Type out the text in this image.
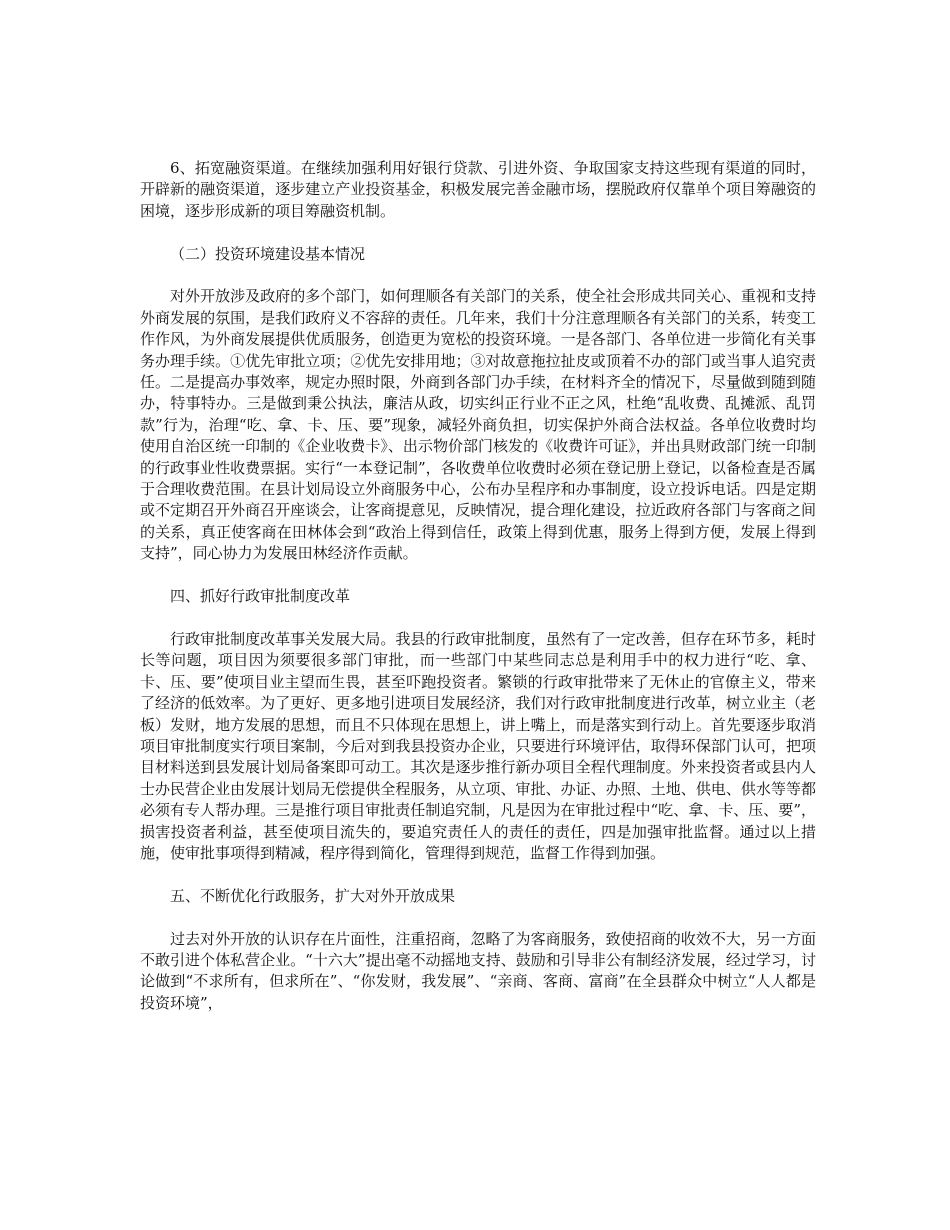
6、拓宽融资渠道。在继续加强利用好银行贷款、引进外资、争取国家支持这些现有渠道的同时，开辟新的融资渠道，逐步建立产业投资基金，积极发展完善金融市场，摆脱政府仅靠单个项目筹融资的困境，逐步形成新的项目筹融资机制。

（二）投资环境建设基本情况

对外开放涉及政府的多个部门，如何理顺各有关部门的关系，使全社会形成共同关心、重视和支持外商发展的氛围，是我们政府义不容辞的责任。几年来，我们十分注意理顺各有关部门的关系，转变工作作风，为外商发展提供优质服务，创造更为宽松的投资环境。一是各部门、各单位进一步简化有关事务办理手续。①优先审批立项；②优先安排用地；③对故意拖拉扯皮或顶着不办的部门或当事人追究责任。二是提高办事效率，规定办照时限，外商到各部门办手续，在材料齐全的情况下，尽量做到随到随办，特事特办。三是做到秉公执法，廉洁从政，切实纠正行业不正之风，杜绝“乱收费、乱摊派、乱罚款”行为，治理“吃、拿、卡、压、要”现象，减轻外商负担，切实保护外商合法权益。各单位收费时均使用自治区统一印制的《企业收费卡》、出示物价部门核发的《收费许可证》，并出具财政部门统一印制的行政事业性收费票据。实行“一本登记制”，各收费单位收费时必须在登记册上登记，以备检查是否属于合理收费范围。在县计划局设立外商服务中心，公布办呈程序和办事制度，设立投诉电话。四是定期或不定期召开外商召开座谈会，让客商提意见，反映情况，提合理化建设，拉近政府各部门与客商之间的关系，真正使客商在田林体会到“政治上得到信任，政策上得到优惠，服务上得到方便，发展上得到支持”，同心协力为发展田林经济作贡献。

四、抓好行政审批制度改革

行政审批制度改革事关发展大局。我县的行政审批制度，虽然有了一定改善，但存在环节多，耗时长等问题，项目因为须要很多部门审批，而一些部门中某些同志总是利用手中的权力进行“吃、拿、卡、压、要”使项目业主望而生畏，甚至吓跑投资者。繁锁的行政审批带来了无休止的官僚主义，带来了经济的低效率。为了更好、更多地引进项目发展经济，我们对行政审批制度进行改革，树立业主（老板）发财，地方发展的思想，而且不只体现在思想上，讲上嘴上，而是落实到行动上。首先要逐步取消项目审批制度实行项目案制，今后对到我县投资办企业，只要进行环境评估，取得环保部门认可，把项目材料送到县发展计划局备案即可动工。其次是逐步推行新办项目全程代理制度。外来投资者或县内人士办民营企业由发展计划局无偿提供全程服务，从立项、审批、办证、办照、土地、供电、供水等等都必须有专人帮办理。三是推行项目审批责任制追究制，凡是因为在审批过程中“吃、拿、卡、压、要”，损害投资者利益，甚至使项目流失的，要追究责任人的责任的责任，四是加强审批监督。通过以上措施，使审批事项得到精减，程序得到简化，管理得到规范，监督工作得到加强。

五、不断优化行政服务，扩大对外开放成果

过去对外开放的认识存在片面性，注重招商，忽略了为客商服务，致使招商的收效不大，另一方面不敢引进个体私营企业。“十六大”提出毫不动摇地支持、鼓励和引导非公有制经济发展，经过学习，讨论做到“不求所有，但求所在”、“你发财，我发展”、“亲商、客商、富商”在全县群众中树立“人人都是投资环境”，
